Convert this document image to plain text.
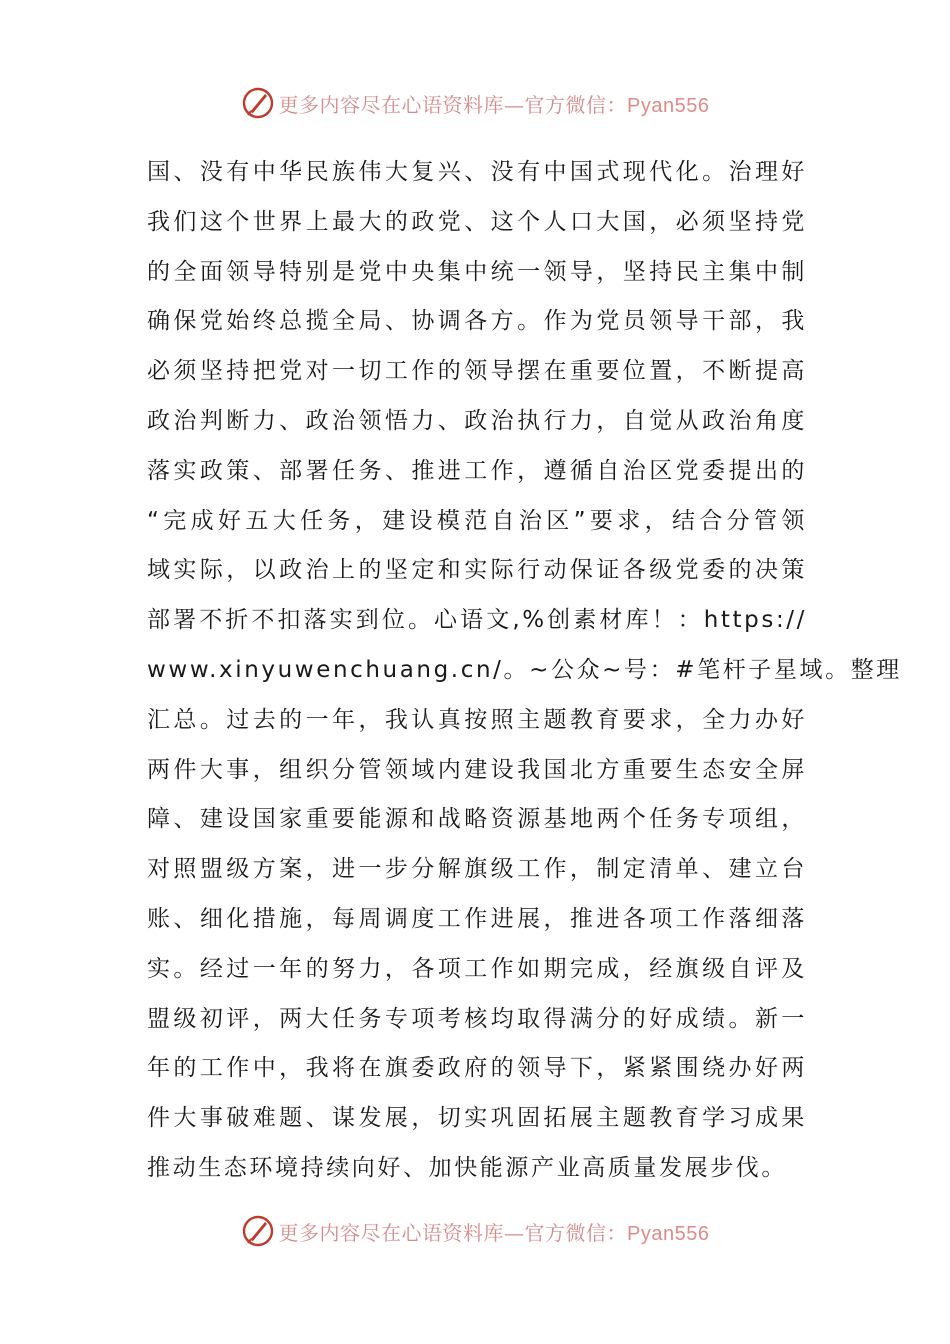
更多内容尽在心语资料库—官方微信：Pyan556
国、没有中华民族伟大复兴、没有中国式现代化。治理好
我们这个世界上最大的政党、这个人口大国，必须坚持党
的全面领导特别是党中央集中统一领导，坚持民主集中制
确保党始终总揽全局、协调各方。作为党员领导干部，我
必须坚持把党对一切工作的领导摆在重要位置，不断提高
政治判断力、政治领悟力、政治执行力，自觉从政治角度
落实政策、部署任务、推进工作，遵循自治区党委提出的
“完成好五大任务，建设模范自治区”要求，结合分管领
域实际，以政治上的坚定和实际行动保证各级党委的决策
部署不折不扣落实到位。心语文,%创素材库！：https://
www.xinyuwenchuang.cn/。~公众~号：#笔杆子星域。整理
汇总。过去的一年，我认真按照主题教育要求，全力办好
两件大事，组织分管领域内建设我国北方重要生态安全屏
障、建设国家重要能源和战略资源基地两个任务专项组，
对照盟级方案，进一步分解旗级工作，制定清单、建立台
账、细化措施，每周调度工作进展，推进各项工作落细落
实。经过一年的努力，各项工作如期完成，经旗级自评及
盟级初评，两大任务专项考核均取得满分的好成绩。新一
年的工作中，我将在旗委政府的领导下，紧紧围绕办好两
件大事破难题、谋发展，切实巩固拓展主题教育学习成果
推动生态环境持续向好、加快能源产业高质量发展步伐。
更多内容尽在心语资料库—官方微信：Pyan556
